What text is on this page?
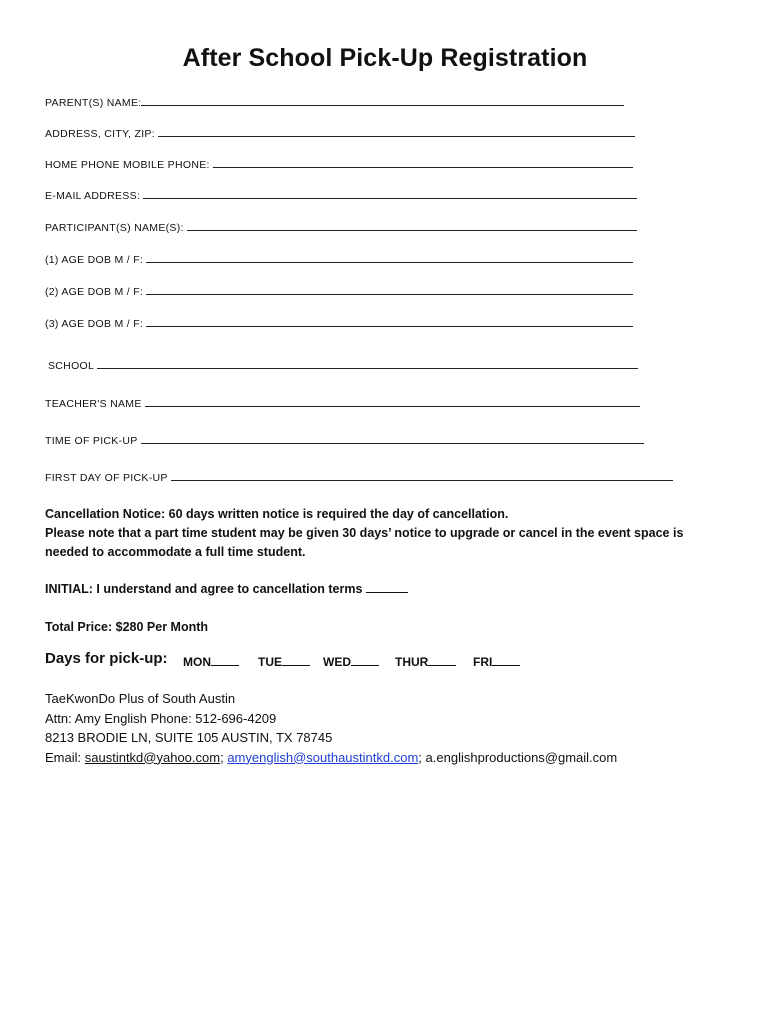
After School Pick-Up Registration
PARENT(S) NAME:
ADDRESS, CITY, ZIP:
HOME PHONE MOBILE PHONE:
E-MAIL ADDRESS:
PARTICIPANT(S) NAME(S):
(1) AGE DOB M / F:
(2) AGE DOB M / F:
(3) AGE DOB M / F:
SCHOOL
TEACHER'S NAME
TIME OF PICK-UP
FIRST DAY OF PICK-UP
Cancellation Notice: 60 days written notice is required the day of cancellation.
Please note that a part time student may be given 30 days’ notice to upgrade or cancel in the event space is needed to accommodate a full time student.
INITIAL: I understand and agree to cancellation terms
Total Price: $280 Per Month
Days for pick-up: MON	TUE	WED	THUR	FRI
TaeKwonDo Plus of South Austin
Attn: Amy English Phone: 512-696-4209
8213 BRODIE LN, SUITE 105 AUSTIN, TX 78745
Email: saustintkd@yahoo.com; amyenglish@southaustintkd.com; a.englishproductions@gmail.com
